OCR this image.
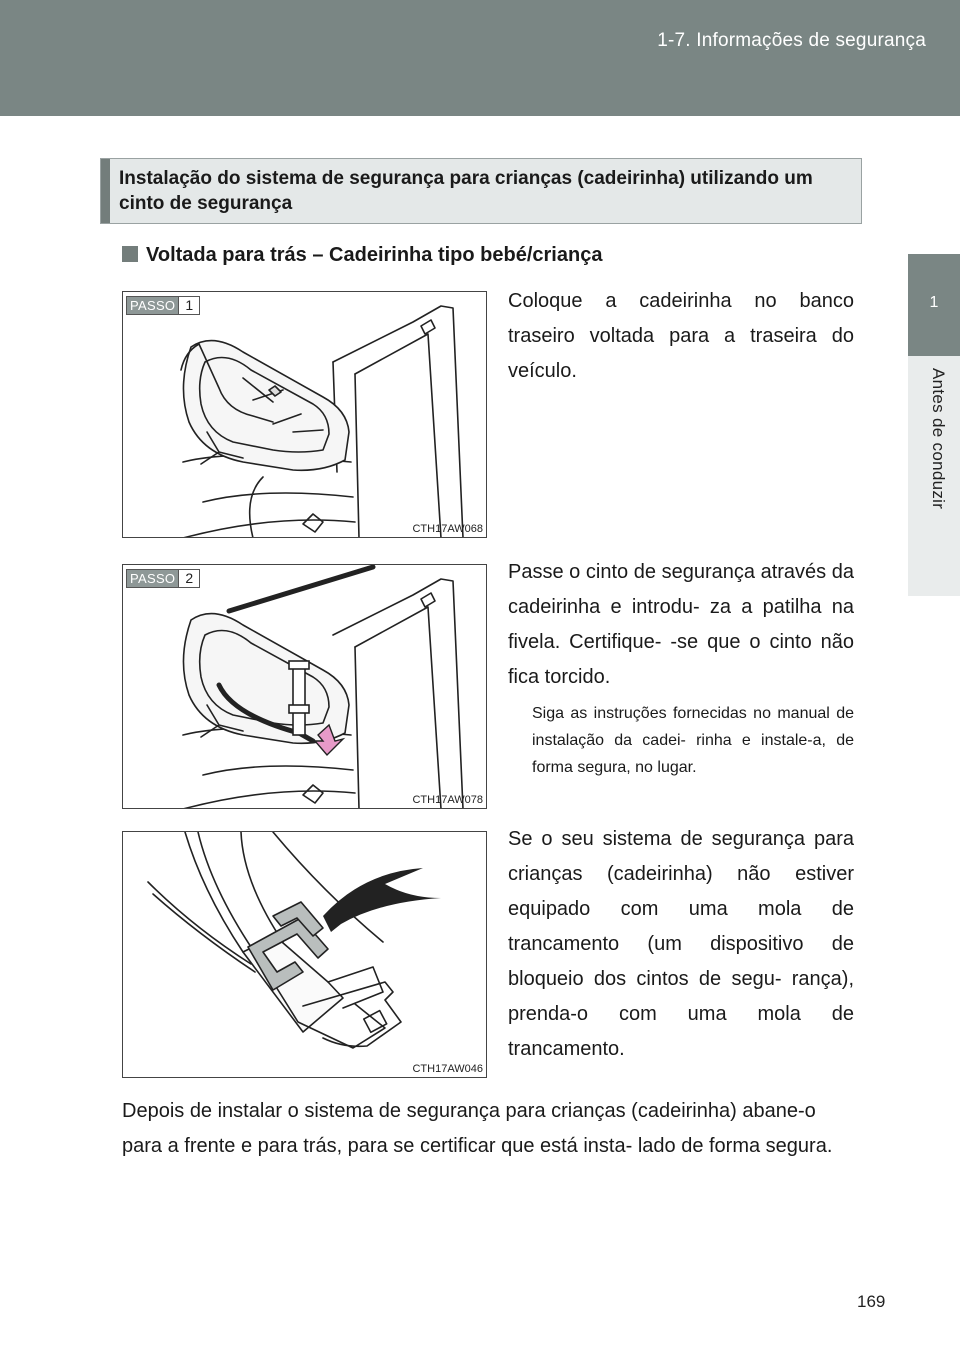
1-7. Informações de segurança
1
Antes de conduzir
Instalação do sistema de segurança para crianças (cadeirinha) utilizando um cinto de segurança
Voltada para trás – Cadeirinha tipo bebé/criança
PASSO 1
CTH17AW068
Coloque a cadeirinha no banco traseiro voltada para a traseira do veículo.
PASSO 2
CTH17AW078
Passe o cinto de segurança através da cadeirinha e introdu- za a patilha na fivela. Certifique- -se que o cinto não fica torcido.
Siga as instruções fornecidas no manual de instalação da cadei- rinha e instale-a, de forma segura, no lugar.
CTH17AW046
Se o seu sistema de segurança para crianças (cadeirinha) não estiver equipado com uma mola de trancamento (um dispositivo de bloqueio dos cintos de segu- rança), prenda-o com uma mola de trancamento.
Depois de instalar o sistema de segurança para crianças (cadeirinha) abane-o para a frente e para trás, para se certificar que está insta- lado de forma segura.
169
